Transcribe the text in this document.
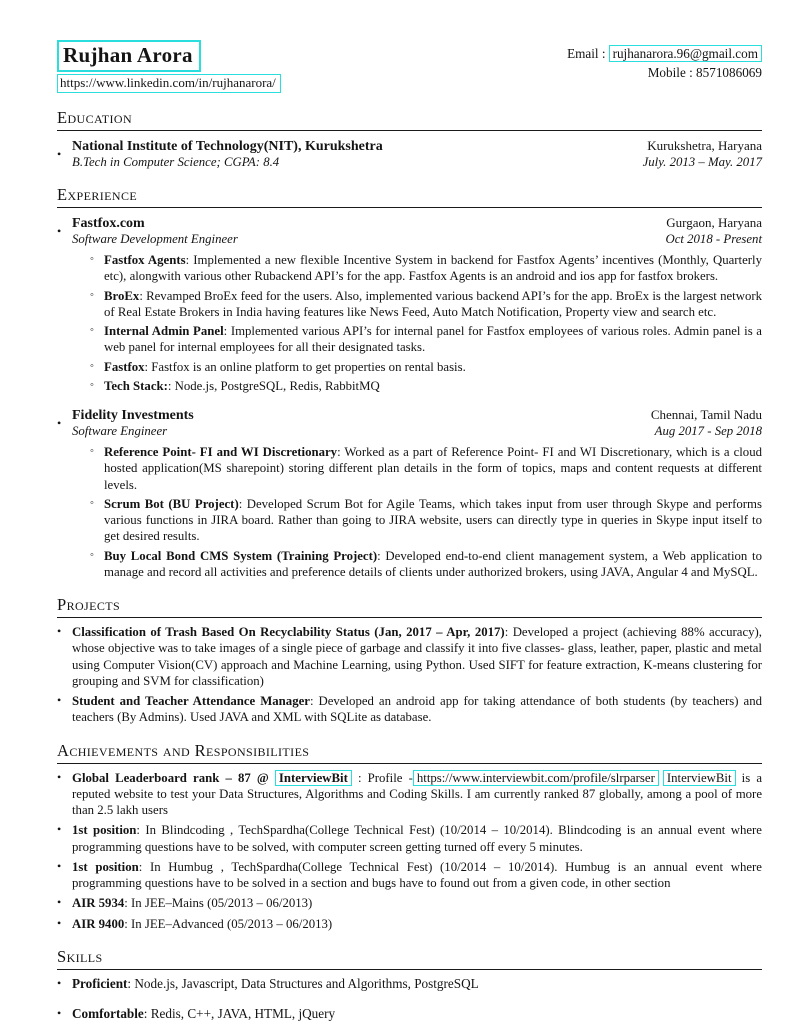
Rujhan Arora
https://www.linkedin.com/in/rujhanarora/
Email : rujhanarora.96@gmail.com
Mobile : 8571086069
Education
• National Institute of Technology(NIT), Kurukshetra	Kurukshetra, Haryana
B.Tech in Computer Science; CGPA: 8.4	July. 2013 – May. 2017
Experience
• Fastfox.com	Gurgaon, Haryana
Software Development Engineer	Oct 2018 - Present
◦ Fastfox Agents: Implemented a new flexible Incentive System in backend for Fastfox Agents’ incentives (Monthly, Quarterly etc), alongwith various other Rubackend API’s for the app. Fastfox Agents is an android and ios app for fastfox brokers.

◦ BroEx: Revamped BroEx feed for the users. Also, implemented various backend API’s for the app. BroEx is the largest network of Real Estate Brokers in India having features like News Feed, Auto Match Notification, Property view and search etc.

◦ Internal Admin Panel: Implemented various API’s for internal panel for Fastfox employees of various roles. Admin panel is a web panel for internal employees for all their designated tasks.

◦ Fastfox: Fastfox is an online platform to get properties on rental basis.

◦ Tech Stack:: Node.js, PostgreSQL, Redis, RabbitMQ

• Fidelity Investments	Chennai, Tamil Nadu
Software Engineer	Aug 2017 - Sep 2018
◦ Reference Point- FI and WI Discretionary: Worked as a part of Reference Point- FI and WI Discretionary, which is a cloud hosted application(MS sharepoint) storing different plan details in the form of topics, maps and content requests at different levels.

◦ Scrum Bot (BU Project): Developed Scrum Bot for Agile Teams, which takes input from user through Skype and performs various functions in JIRA board. Rather than going to JIRA website, users can directly type in queries in Skype input itself to get desired results.

◦ Buy Local Bond CMS System (Training Project): Developed end-to-end client management system, a Web application to manage and record all activities and preference details of clients under authorized brokers, using JAVA, Angular 4 and MySQL.

Projects
• Classification of Trash Based On Recyclability Status (Jan, 2017 – Apr, 2017): Developed a project (achieving 88% accuracy), whose objective was to take images of a single piece of garbage and classify it into five classes- glass, leather, paper, plastic and metal using Computer Vision(CV) approach and Machine Learning, using Python. Used SIFT for feature extraction, K-means clustering for grouping and SVM for classification)

• Student and Teacher Attendance Manager: Developed an android app for taking attendance of both students (by teachers) and teachers (By Admins). Used JAVA and XML with SQLite as database.

Achievements and Responsibilities
• Global Leaderboard rank – 87 @ InterviewBit : Profile - https://www.interviewbit.com/profile/slrparser InterviewBit is a reputed website to test your Data Structures, Algorithms and Coding Skills. I am currently ranked 87 globally, among a pool of more than 2.5 lakh users

• 1st position: In Blindcoding , TechSpardha(College Technical Fest) (10/2014 – 10/2014). Blindcoding is an annual event where programming questions have to be solved, with computer screen getting turned off every 5 minutes.

• 1st position: In Humbug , TechSpardha(College Technical Fest) (10/2014 – 10/2014). Humbug is an annual event where programming questions have to be solved in a section and bugs have to found out from a given code, in other section

• AIR 5934: In JEE–Mains (05/2013 – 06/2013)

• AIR 9400: In JEE–Advanced (05/2013 – 06/2013)

Skills
• Proficient: Node.js, Javascript, Data Structures and Algorithms, PostgreSQL

• Comfortable: Redis, C++, JAVA, HTML, jQuery
